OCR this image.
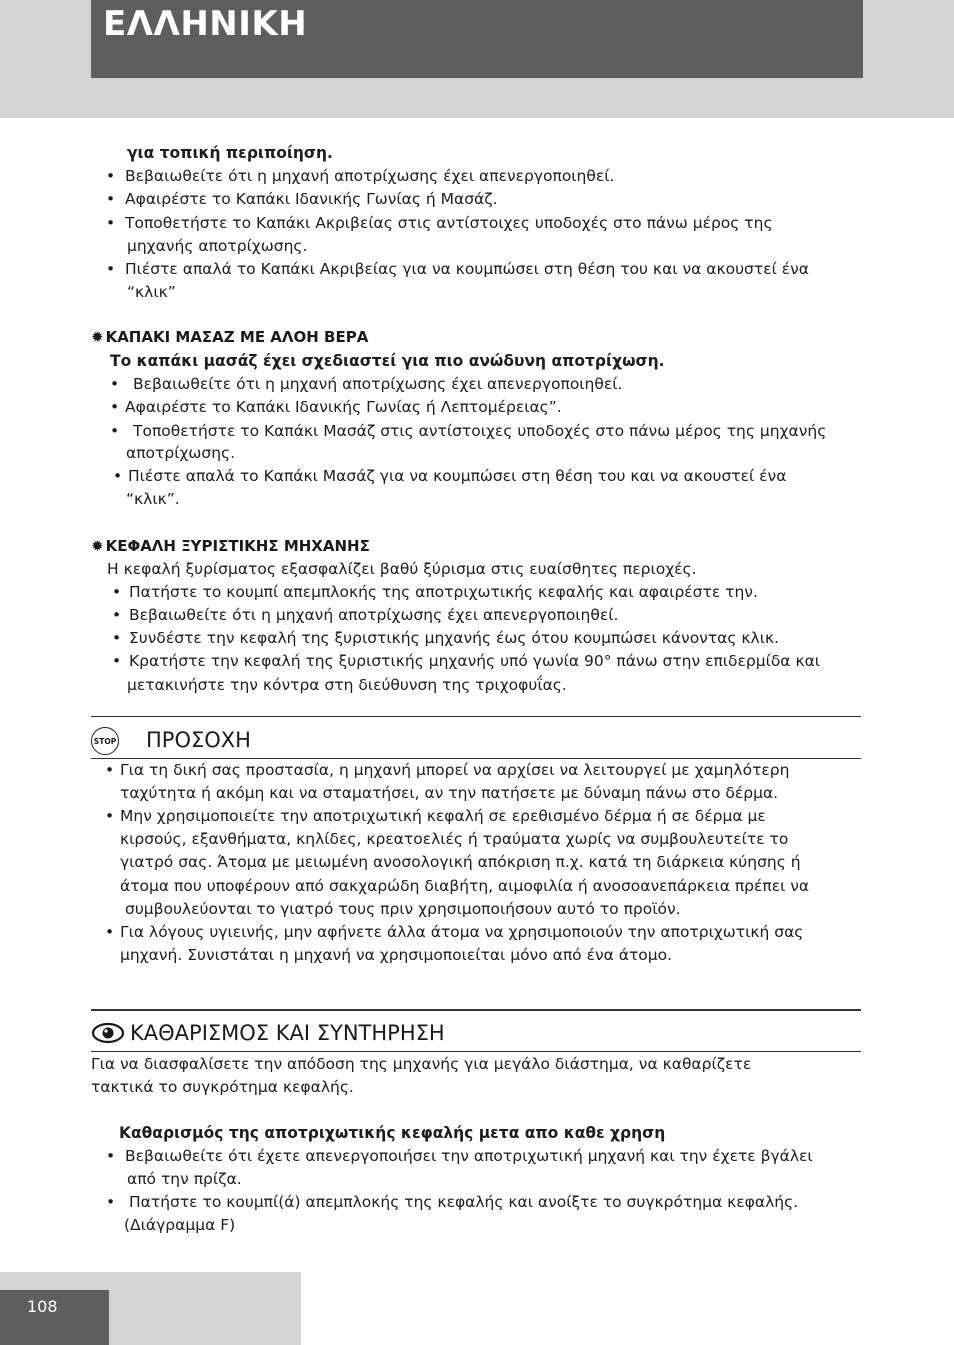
ΕΛΛΗΝΙΚΗ
για τοπική περιποίηση.
• Βεβαιωθείτε ότι η μηχανή αποτρίχωσης έχει απενεργοποιηθεί.
• Αφαιρέστε το Καπάκι Ιδανικής Γωνίας ή Μασάζ.
• Τοποθετήστε το Καπάκι Ακριβείας στις αντίστοιχες υποδοχές στο πάνω μέρος της
μηχανής αποτρίχωσης.
• Πιέστε απαλά το Καπάκι Ακριβείας για να κουμπώσει στη θέση του και να ακουστεί ένα
“κλικ”
✹ ΚΑΠΑΚΙ ΜΑΣΑΖ ΜΕ ΑΛΟΗ ΒΕΡΑ
Το καπάκι μασάζ έχει σχεδιαστεί για πιο ανώδυνη αποτρίχωση.
• Βεβαιωθείτε ότι η μηχανή αποτρίχωσης έχει απενεργοποιηθεί.
• Αφαιρέστε το Καπάκι Ιδανικής Γωνίας ή Λεπτομέρειας”.
• Τοποθετήστε το Καπάκι Μασάζ στις αντίστοιχες υποδοχές στο πάνω μέρος της μηχανής
αποτρίχωσης.
• Πιέστε απαλά το Καπάκι Μασάζ για να κουμπώσει στη θέση του και να ακουστεί ένα
“κλικ”.
✹ ΚΕΦΑΛΗ ΞΥΡΙΣΤΙΚΗΣ ΜΗΧΑΝΗΣ
Η κεφαλή ξυρίσματος εξασφαλίζει βαθύ ξύρισμα στις ευαίσθητες περιοχές.
• Πατήστε το κουμπί απεμπλοκής της αποτριχωτικής κεφαλής και αφαιρέστε την.
• Βεβαιωθείτε ότι η μηχανή αποτρίχωσης έχει απενεργοποιηθεί.
• Συνδέστε την κεφαλή της ξυριστικής μηχανής έως ότου κουμπώσει κάνοντας κλικ.
• Κρατήστε την κεφαλή της ξυριστικής μηχανής υπό γωνία 90° πάνω στην επιδερμίδα και
μετακινήστε την κόντρα στη διεύθυνση της τριχοφυΐας.
STOP ΠΡΟΣΟΧΗ
• Για τη δική σας προστασία, η μηχανή μπορεί να αρχίσει να λειτουργεί με χαμηλότερη
ταχύτητα ή ακόμη και να σταματήσει, αν την πατήσετε με δύναμη πάνω στο δέρμα.
• Μην χρησιμοποιείτε την αποτριχωτική κεφαλή σε ερεθισμένο δέρμα ή σε δέρμα με
κιρσούς, εξανθήματα, κηλίδες, κρεατοελιές ή τραύματα χωρίς να συμβουλευτείτε το
γιατρό σας. Άτομα με μειωμένη ανοσολογική απόκριση π.χ. κατά τη διάρκεια κύησης ή
άτομα που υποφέρουν από σακχαρώδη διαβήτη, αιμοφιλία ή ανοσοανεπάρκεια πρέπει να
συμβουλεύονται το γιατρό τους πριν χρησιμοποιήσουν αυτό το προϊόν.
• Για λόγους υγιεινής, μην αφήνετε άλλα άτομα να χρησιμοποιούν την αποτριχωτική σας
μηχανή. Συνιστάται η μηχανή να χρησιμοποιείται μόνο από ένα άτομο.
ΚΑΘΑΡΙΣΜΟΣ ΚΑΙ ΣΥΝΤΗΡΗΣΗ
Για να διασφαλίσετε την απόδοση της μηχανής για μεγάλο διάστημα, να καθαρίζετε
τακτικά το συγκρότημα κεφαλής.
Καθαρισμός της αποτριχωτικής κεφαλής μετα απο καθε χρηση
• Βεβαιωθείτε ότι έχετε απενεργοποιήσει την αποτριχωτική μηχανή και την έχετε βγάλει
από την πρίζα.
• Πατήστε το κουμπί(ά) απεμπλοκής της κεφαλής και ανοίξτε το συγκρότημα κεφαλής.
(Διάγραμμα F)
108
